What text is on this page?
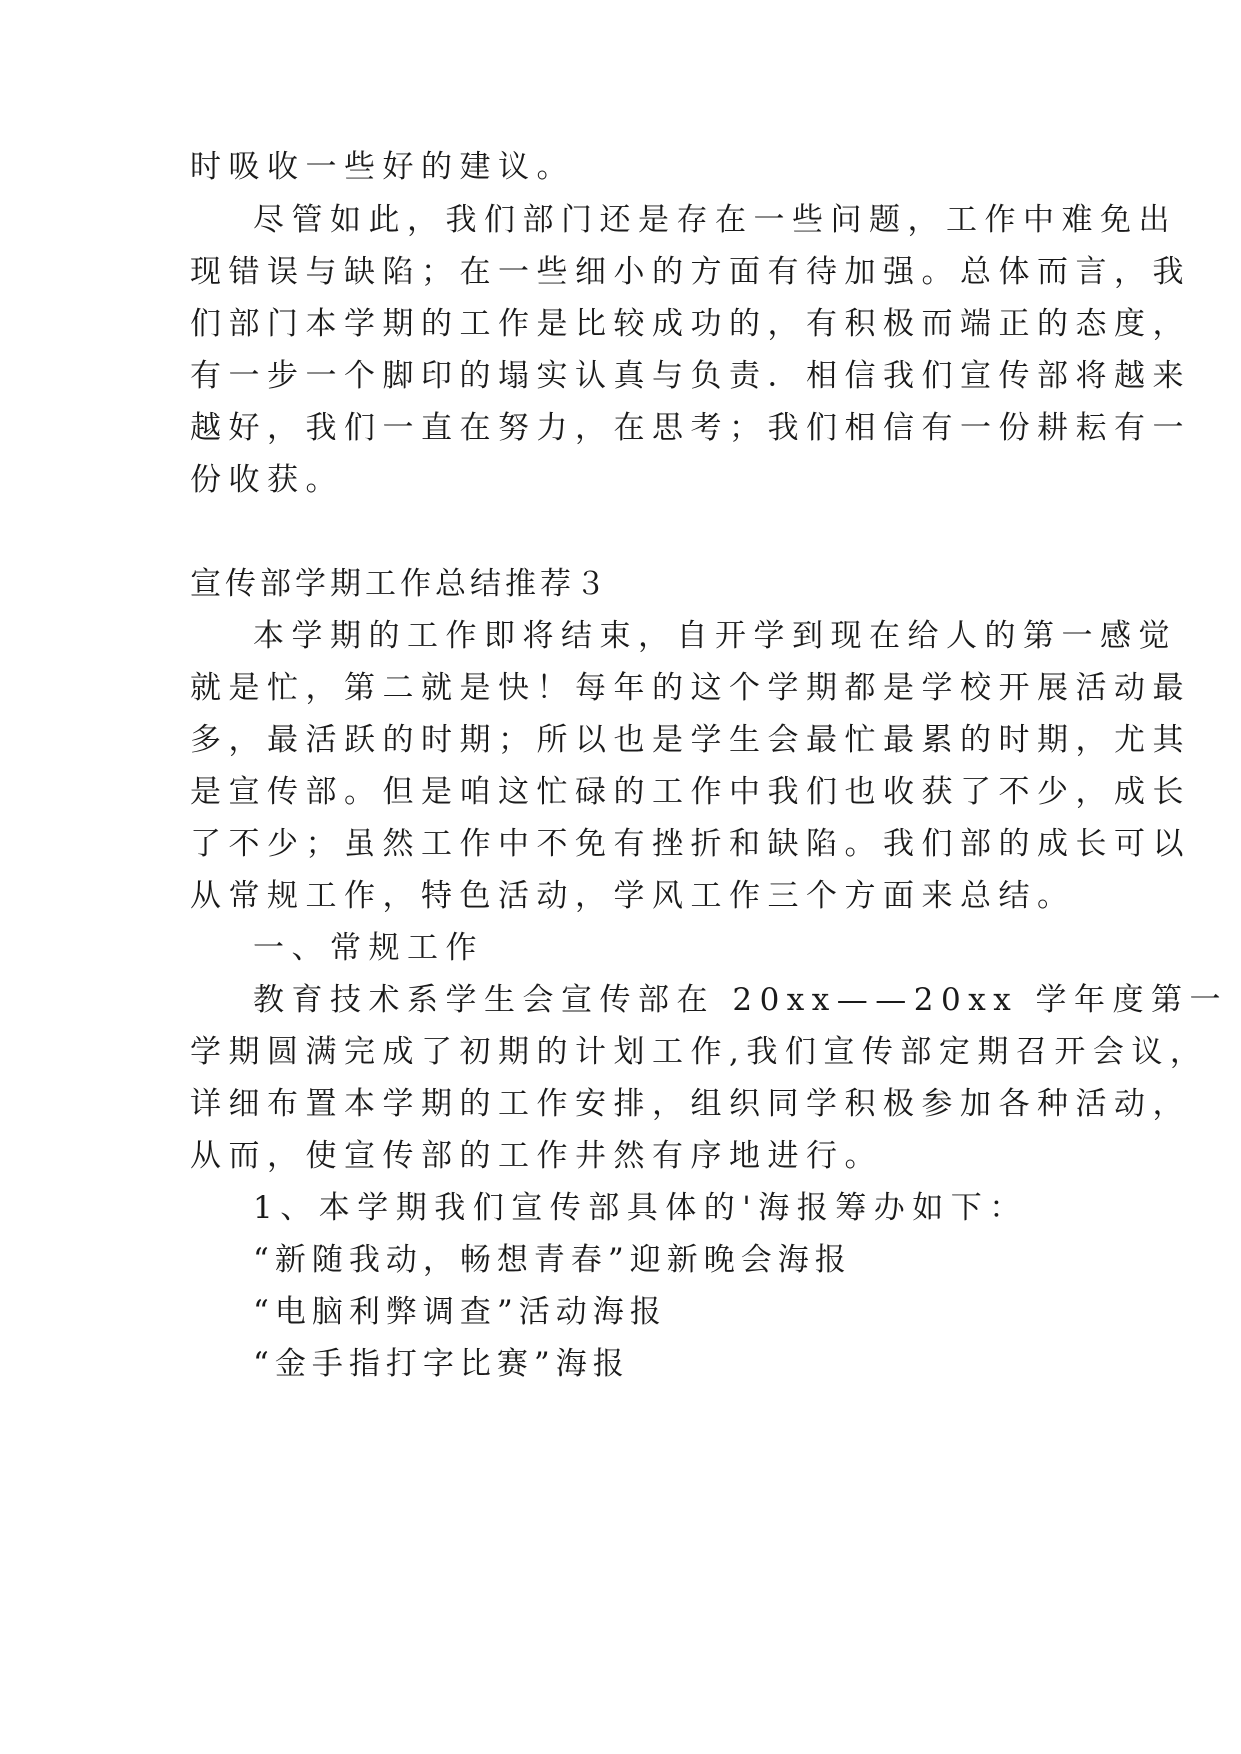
时吸收一些好的建议。

尽管如此，我们部门还是存在一些问题，工作中难免出

现错误与缺陷；在一些细小的方面有待加强。总体而言，我

们部门本学期的工作是比较成功的，有积极而端正的态度，

有一步一个脚印的塌实认真与负责．相信我们宣传部将越来

越好，我们一直在努力，在思考；我们相信有一份耕耘有一

份收获。

宣传部学期工作总结推荐３

本学期的工作即将结束，自开学到现在给人的第一感觉

就是忙，第二就是快！每年的这个学期都是学校开展活动最

多，最活跃的时期；所以也是学生会最忙最累的时期，尤其

是宣传部。但是咱这忙碌的工作中我们也收获了不少，成长

了不少；虽然工作中不免有挫折和缺陷。我们部的成长可以

从常规工作，特色活动，学风工作三个方面来总结。

一、常规工作

教育技术系学生会宣传部在 20xx——20xx 学年度第一

学期圆满完成了初期的计划工作,我们宣传部定期召开会议，

详细布置本学期的工作安排，组织同学积极参加各种活动，

从而，使宣传部的工作井然有序地进行。

1、本学期我们宣传部具体的'海报筹办如下：

“新随我动，畅想青春”迎新晚会海报

“电脑利弊调查”活动海报

“金手指打字比赛”海报
